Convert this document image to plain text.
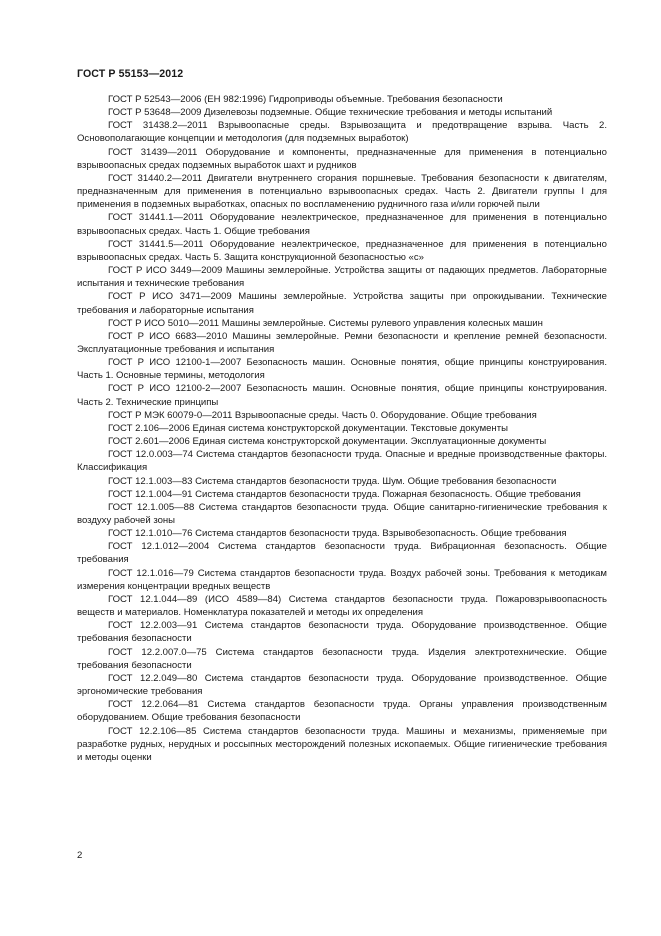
ГОСТ Р 55153—2012

ГОСТ Р 52543—2006 (ЕН 982:1996) Гидроприводы объемные. Требования безопасности

ГОСТ Р 53648—2009 Дизелевозы подземные. Общие технические требования и методы испытаний

ГОСТ 31438.2—2011 Взрывоопасные среды. Взрывозащита и предотвращение взрыва. Часть 2. Основополагающие концепции и методология (для подземных выработок)

ГОСТ 31439—2011 Оборудование и компоненты, предназначенные для применения в потенциально взрывоопасных средах подземных выработок шахт и рудников

ГОСТ 31440.2—2011 Двигатели внутреннего сгорания поршневые. Требования безопасности к двигателям, предназначенным для применения в потенциально взрывоопасных средах. Часть 2. Двигатели группы I для применения в подземных выработках, опасных по воспламенению рудничного газа и/или горючей пыли

ГОСТ 31441.1—2011 Оборудование неэлектрическое, предназначенное для применения в потенциально взрывоопасных средах. Часть 1. Общие требования

ГОСТ 31441.5—2011 Оборудование неэлектрическое, предназначенное для применения в потенциально взрывоопасных средах. Часть 5. Защита конструкционной безопасностью «с»

ГОСТ Р ИСО 3449—2009 Машины землеройные. Устройства защиты от падающих предметов. Лабораторные испытания и технические требования

ГОСТ Р ИСО 3471—2009 Машины землеройные. Устройства защиты при опрокидывании. Технические требования и лабораторные испытания

ГОСТ Р ИСО 5010—2011 Машины землеройные. Системы рулевого управления колесных машин

ГОСТ Р ИСО 6683—2010 Машины землеройные. Ремни безопасности и крепление ремней безопасности. Эксплуатационные требования и испытания

ГОСТ Р ИСО 12100-1—2007 Безопасность машин. Основные понятия, общие принципы конструирования. Часть 1. Основные термины, методология

ГОСТ Р ИСО 12100-2—2007 Безопасность машин. Основные понятия, общие принципы конструирования. Часть 2. Технические принципы

ГОСТ Р МЭК 60079-0—2011 Взрывоопасные среды. Часть 0. Оборудование. Общие требования

ГОСТ 2.106—2006 Единая система конструкторской документации. Текстовые документы

ГОСТ 2.601—2006 Единая система конструкторской документации. Эксплуатационные документы

ГОСТ 12.0.003—74 Система стандартов безопасности труда. Опасные и вредные производственные факторы. Классификация

ГОСТ 12.1.003—83 Система стандартов безопасности труда. Шум. Общие требования безопасности

ГОСТ 12.1.004—91 Система стандартов безопасности труда. Пожарная безопасность. Общие требования

ГОСТ 12.1.005—88 Система стандартов безопасности труда. Общие санитарно-гигиенические требования к воздуху рабочей зоны

ГОСТ 12.1.010—76 Система стандартов безопасности труда. Взрывобезопасность. Общие требования

ГОСТ 12.1.012—2004 Система стандартов безопасности труда. Вибрационная безопасность. Общие требования

ГОСТ 12.1.016—79 Система стандартов безопасности труда. Воздух рабочей зоны. Требования к методикам измерения концентрации вредных веществ

ГОСТ 12.1.044—89 (ИСО 4589—84) Система стандартов безопасности труда. Пожаровзрывоопасность веществ и материалов. Номенклатура показателей и методы их определения

ГОСТ 12.2.003—91 Система стандартов безопасности труда. Оборудование производственное. Общие требования безопасности

ГОСТ 12.2.007.0—75 Система стандартов безопасности труда. Изделия электротехнические. Общие требования безопасности

ГОСТ 12.2.049—80 Система стандартов безопасности труда. Оборудование производственное. Общие эргономические требования

ГОСТ 12.2.064—81 Система стандартов безопасности труда. Органы управления производственным оборудованием. Общие требования безопасности

ГОСТ 12.2.106—85 Система стандартов безопасности труда. Машины и механизмы, применяемые при разработке рудных, нерудных и россыпных месторождений полезных ископаемых. Общие гигиенические требования и методы оценки

2
